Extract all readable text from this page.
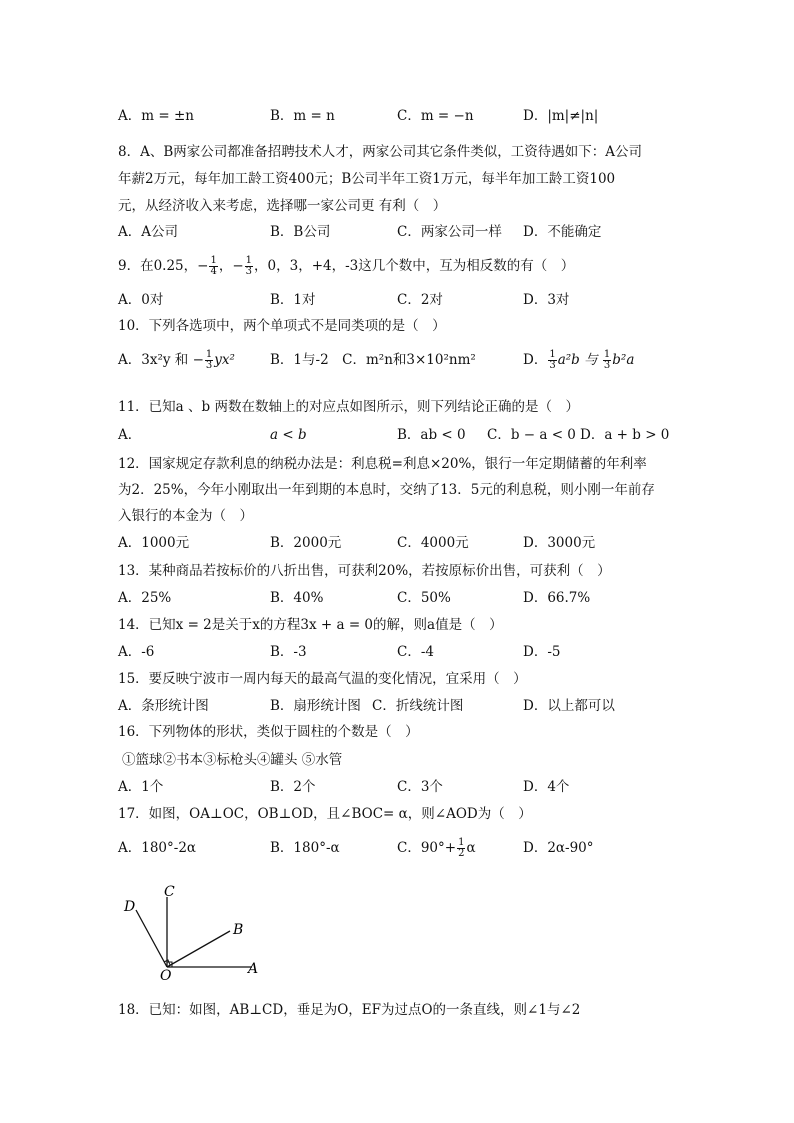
A．m = ±n	B．m = n	C．m = −n	D．|m|≠|n|
8．A、B两家公司都准备招聘技术人才，两家公司其它条件类似，工资待遇如下：A公司
年薪2万元，每年加工龄工资400元；B公司半年工资1万元，每半年加工龄工资100
元，从经济收入来考虑，选择哪一家公司更 有利（　）
A．A公司	B．B公司	C．两家公司一样 D．不能确定
9．在0.25，− $\frac{1}{4}$ ，− $\frac{1}{3}$ ，0，3，+4，-3这几个数中，互为相反数的有（　）
A．0对	B．1对	C．2对	D．3对
10．下列各选项中，两个单项式不是同类项的是（　）
A．3x²y 和 − $\frac{1}{3} yx^2$	B．1与-2　C．m²n和3×10²nm²	D． $\frac{1}{3} a^2b$ 与 $\frac{1}{3} b^2a$
11．已知a 、b 两数在数轴上的对应点如图所示，则下列结论正确的是（　）
A．	a < b	B．ab < 0 C．b − a < 0 D．a + b > 0
12．国家规定存款利息的纳税办法是：利息税=利息×20%，银行一年定期储蓄的年利率
为2．25%，今年小刚取出一年到期的本息时，交纳了13．5元的利息税，则小刚一年前存
入银行的本金为（　）
A．1000元	B．2000元	C．4000元	D．3000元
13．某种商品若按标价的八折出售，可获利20%，若按原标价出售，可获利（　）
A．25%	B．40%	C．50%	D．66.7%
14．已知x = 2是关于x的方程3x + a = 0的解，则a值是（　）
A．-6	B．-3	C．-4	D．-5
15．要反映宁波市一周内每天的最高气温的变化情况，宜采用（　）
A．条形统计图	B．扇形统计图 C．折线统计图	D．以上都可以
16．下列物体的形状，类似于圆柱的个数是（　）
①篮球②书本③标枪头④罐头 ⑤水管
A．1个	B．2个	C．3个	D．4个
17．如图，OA⊥OC，OB⊥OD，且∠BOC= α，则∠AOD为（　）
A．180°-2α	B．180°-α	C．$90^\circ+ \frac{1}{2}$ α	D．2α-90°
C
D
B
O	A
18．已知：如图，AB⊥CD，垂足为O，EF为过点O的一条直线，则∠1与∠2
